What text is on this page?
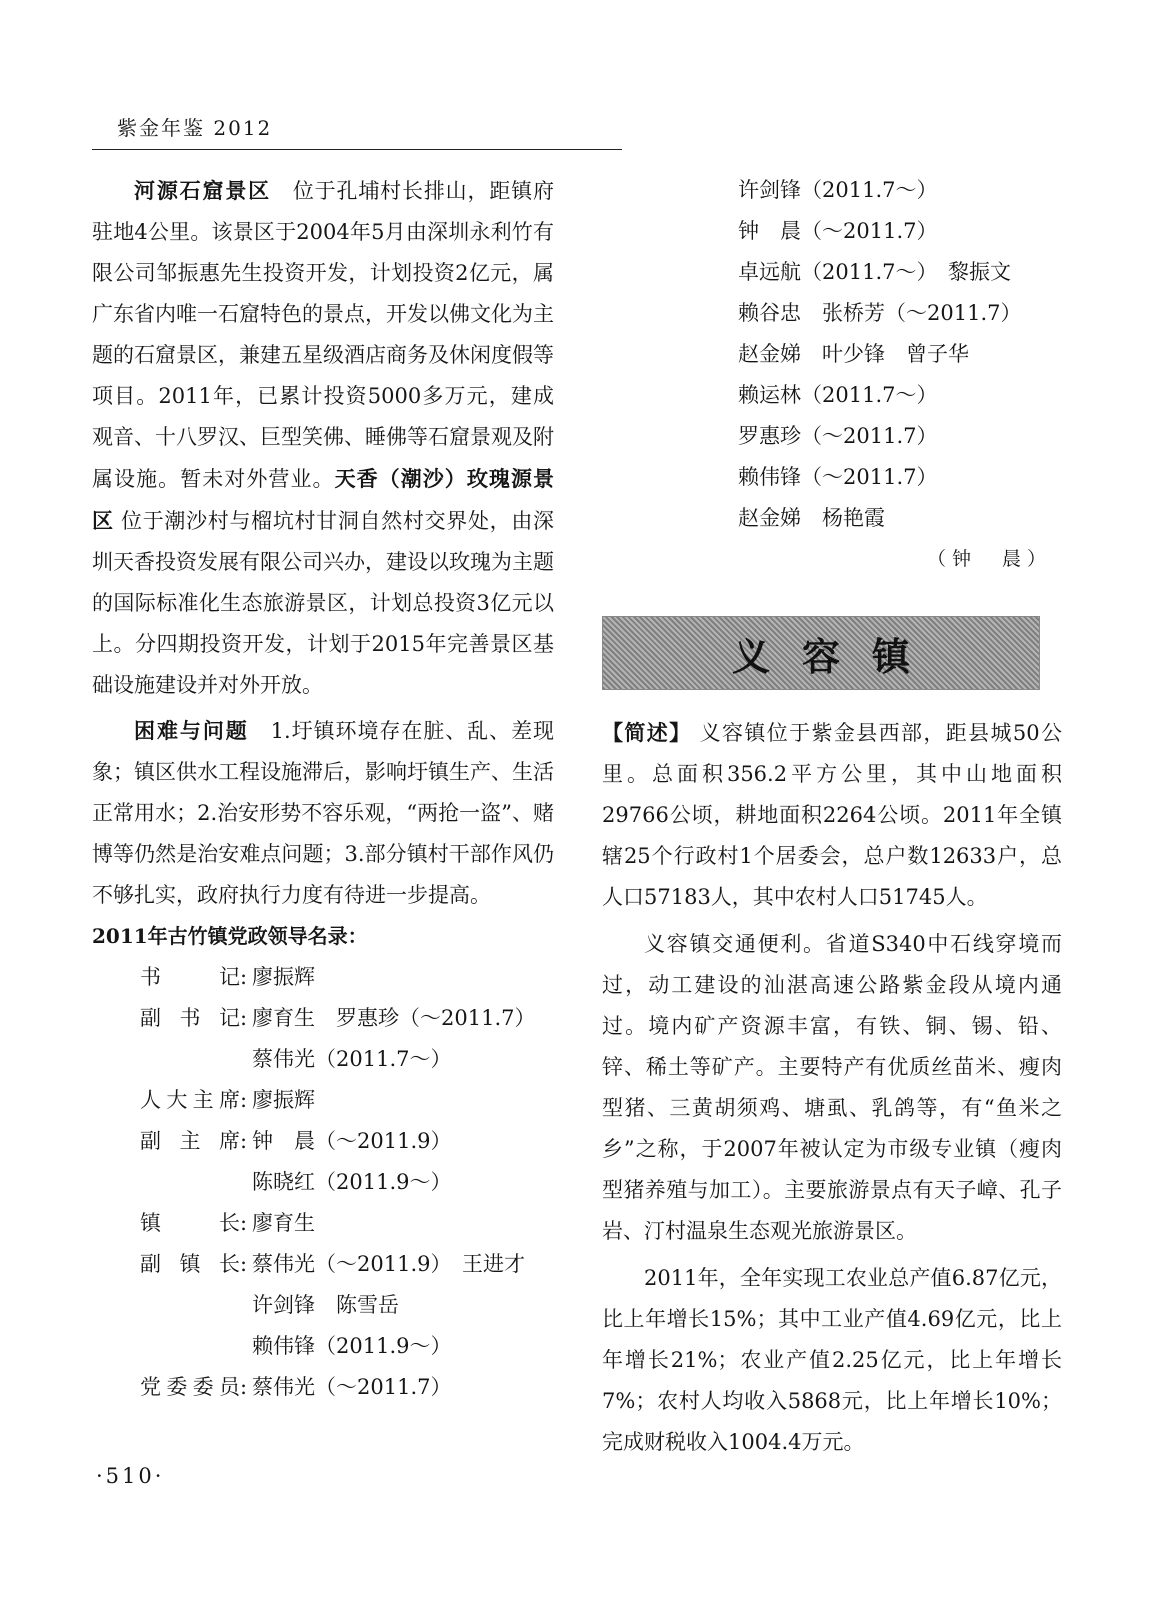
紫金年鉴 2012

河源石窟景区　 位于孔埔村长排山，距镇府驻地4公里。该景区于2004年5月由深圳永利竹有限公司邹振惠先生投资开发，计划投资2亿元，属广东省内唯一石窟特色的景点，开发以佛文化为主题的石窟景区，兼建五星级酒店商务及休闲度假等项目。2011年，已累计投资5000多万元，建成观音、十八罗汉、巨型笑佛、睡佛等石窟景观及附属设施。暂未对外营业。天香（潮沙）玫瑰源景区 位于潮沙村与榴坑村甘洞自然村交界处，由深圳天香投资发展有限公司兴办，建设以玫瑰为主题的国际标准化生态旅游景区，计划总投资3亿元以上。分四期投资开发，计划于2015年完善景区基础设施建设并对外开放。

困难与问题　 1.圩镇环境存在脏、乱、差现象；镇区供水工程设施滞后，影响圩镇生产、生活正常用水；2.治安形势不容乐观，“两抢一盗”、赌博等仍然是治安难点问题；3.部分镇村干部作风仍不够扎实，政府执行力度有待进一步提高。

2011年古竹镇党政领导名录：

书记 : 廖振辉
副书记 : 廖育生　罗惠珍（～2011.7）
蔡伟光（2011.7～）
人大主席 : 廖振辉
副主席 : 钟　晨（～2011.9）
陈晓红（2011.9～）
镇长 : 廖育生
副镇长 : 蔡伟光（～2011.9）　王进才
许剑锋　陈雪岳
赖伟锋（2011.9～）
党委委员 : 蔡伟光（～2011.7）

许剑锋（2011.7～）

钟　晨（～2011.7）

卓远航（2011.7～）　黎振文

赖谷忠　张桥芳（～2011.7）

赵金娣　叶少锋　曾子华

赖运林（2011.7～）

罗惠珍（～2011.7）

赖伟锋（～2011.7）

赵金娣　杨艳霞

（钟　晨）

义容镇

【简述】 义容镇位于紫金县西部，距县城50公里。总面积356.2平方公里，其中山地面积29766公顷，耕地面积2264公顷。2011年全镇辖25个行政村1个居委会，总户数12633户，总人口57183人，其中农村人口51745人。

义容镇交通便利。省道S340中石线穿境而过，动工建设的汕湛高速公路紫金段从境内通过。境内矿产资源丰富，有铁、铜、锡、铅、锌、稀土等矿产。主要特产有优质丝苗米、瘦肉型猪、三黄胡须鸡、塘虱、乳鸽等，有“鱼米之乡”之称，于2007年被认定为市级专业镇（瘦肉型猪养殖与加工）。主要旅游景点有天子嶂、孔子岩、汀村温泉生态观光旅游景区。

2011年，全年实现工农业总产值6.87亿元，比上年增长15%；其中工业产值4.69亿元，比上年增长21%；农业产值2.25亿元，比上年增长7%；农村人均收入5868元，比上年增长10%；完成财税收入1004.4万元。

·510·
